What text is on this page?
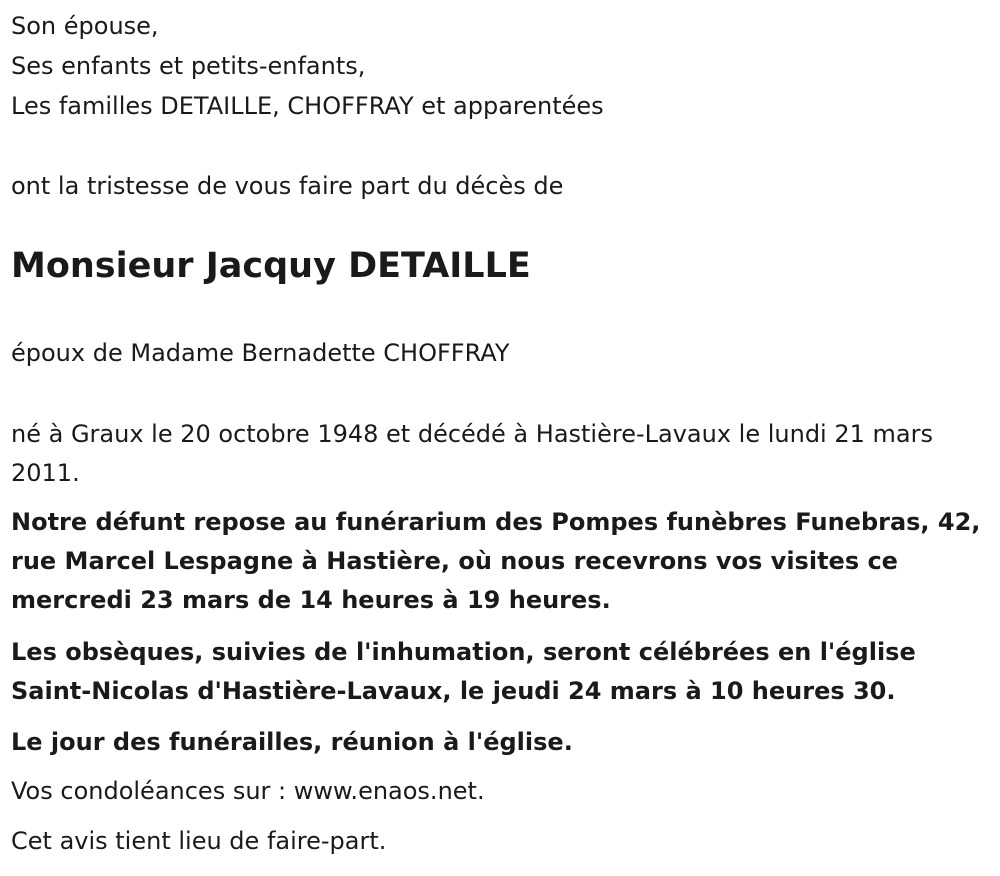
Son épouse,
Ses enfants et petits-enfants,
Les familles DETAILLE, CHOFFRAY et apparentées
ont la tristesse de vous faire part du décès de
Monsieur Jacquy DETAILLE
époux de Madame Bernadette CHOFFRAY
né à Graux le 20 octobre 1948 et décédé à Hastière-Lavaux le lundi 21 mars 2011.
Notre défunt repose au funérarium des Pompes funèbres Funebras, 42, rue Marcel Lespagne à Hastière, où nous recevrons vos visites ce mercredi 23 mars de 14 heures à 19 heures.
Les obsèques, suivies de l'inhumation, seront célébrées en l'église Saint-Nicolas d'Hastière-Lavaux, le jeudi 24 mars à 10 heures 30.
Le jour des funérailles, réunion à l'église.
Vos condoléances sur : www.enaos.net.
Cet avis tient lieu de faire-part.
